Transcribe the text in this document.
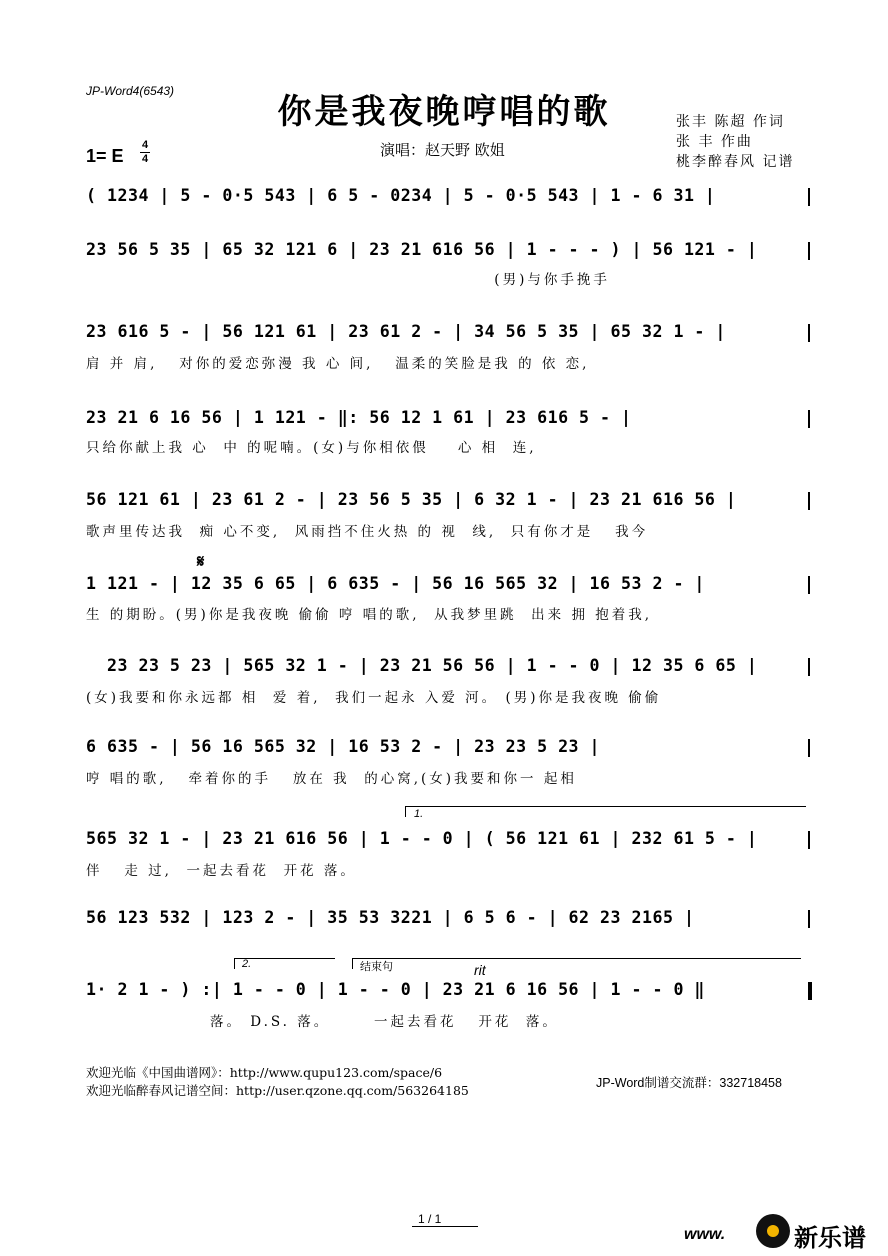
JP-Word4(6543)
你是我夜晚哼唱的歌
1= E
4
4	演唱：赵天野 欧姐
张丰 陈超 作词
张 丰 作曲
桃李醉春风 记谱
( 1234 | 5 - 0·5 543 | 6 5 - 0234 | 5 - 0·5 543 | 1 - 6 31 |
23 56 5 35 | 65 32 121 6 | 23 21 616 56 | 1 - - - ) | 56 121 - |
(男)与你手挽手
23 616 5 - | 56 121 61 | 23 61 2 - | 34 56 5 35 | 65 32 1 - |
肩 并 肩,   对你的爱恋弥漫 我 心 间,   温柔的笑脸是我 的 依 恋,
23 21 6 16 56 | 1 121 - ‖: 56 12 1 61 | 23 616 5 - |
只给你献上我 心  中 的呢喃。(女)与你相依偎    心 相  连,
56 121 61 | 23 61 2 - | 23 56 5 35 | 6 32 1 - | 23 21 616 56 |
歌声里传达我  痴 心不变,  风雨挡不住火热 的 视  线,  只有你才是   我今
𝄋
1 121 - | 12 35 6 65 | 6 635 - | 56 16 565 32 | 16 53 2 - |
生 的期盼。(男)你是我夜晚 偷偷 哼 唱的歌,  从我梦里跳  出来 拥 抱着我,
23 23 5 23 | 565 32 1 - | 23 21 56 56 | 1 - - 0 | 12 35 6 65 |
(女)我要和你永远都 相  爱 着,  我们一起永 入爱 河。 (男)你是我夜晚 偷偷
6 635 - | 56 16 565 32 | 16 53 2 - | 23 23 5 23 |
哼 唱的歌,   牵着你的手   放在 我  的心窝,(女)我要和你一 起相
1.
565 32 1 - | 23 21 616 56 | 1 - - 0 | ( 56 121 61 | 232 61 5 - |
伴   走 过,  一起去看花  开花 落。
56 123 532 | 123 2 - | 35 53 3221 | 6 5 6 - | 62 23 2165 |
2.	结束句	rit
1· 2 1 - ) :| 1 - - 0 | 1 - - 0 | 23 21 6 16 56 | 1 - - 0 ‖
落。 D.S. 落。      一起去看花   开花  落。
欢迎光临《中国曲谱网》：http://www.qupu123.com/space/6
欢迎光临醉春风记谱空间：http://user.qzone.qq.com/563264185	JP-Word制谱交流群：332718458
1 / 1
www.	新乐谱
